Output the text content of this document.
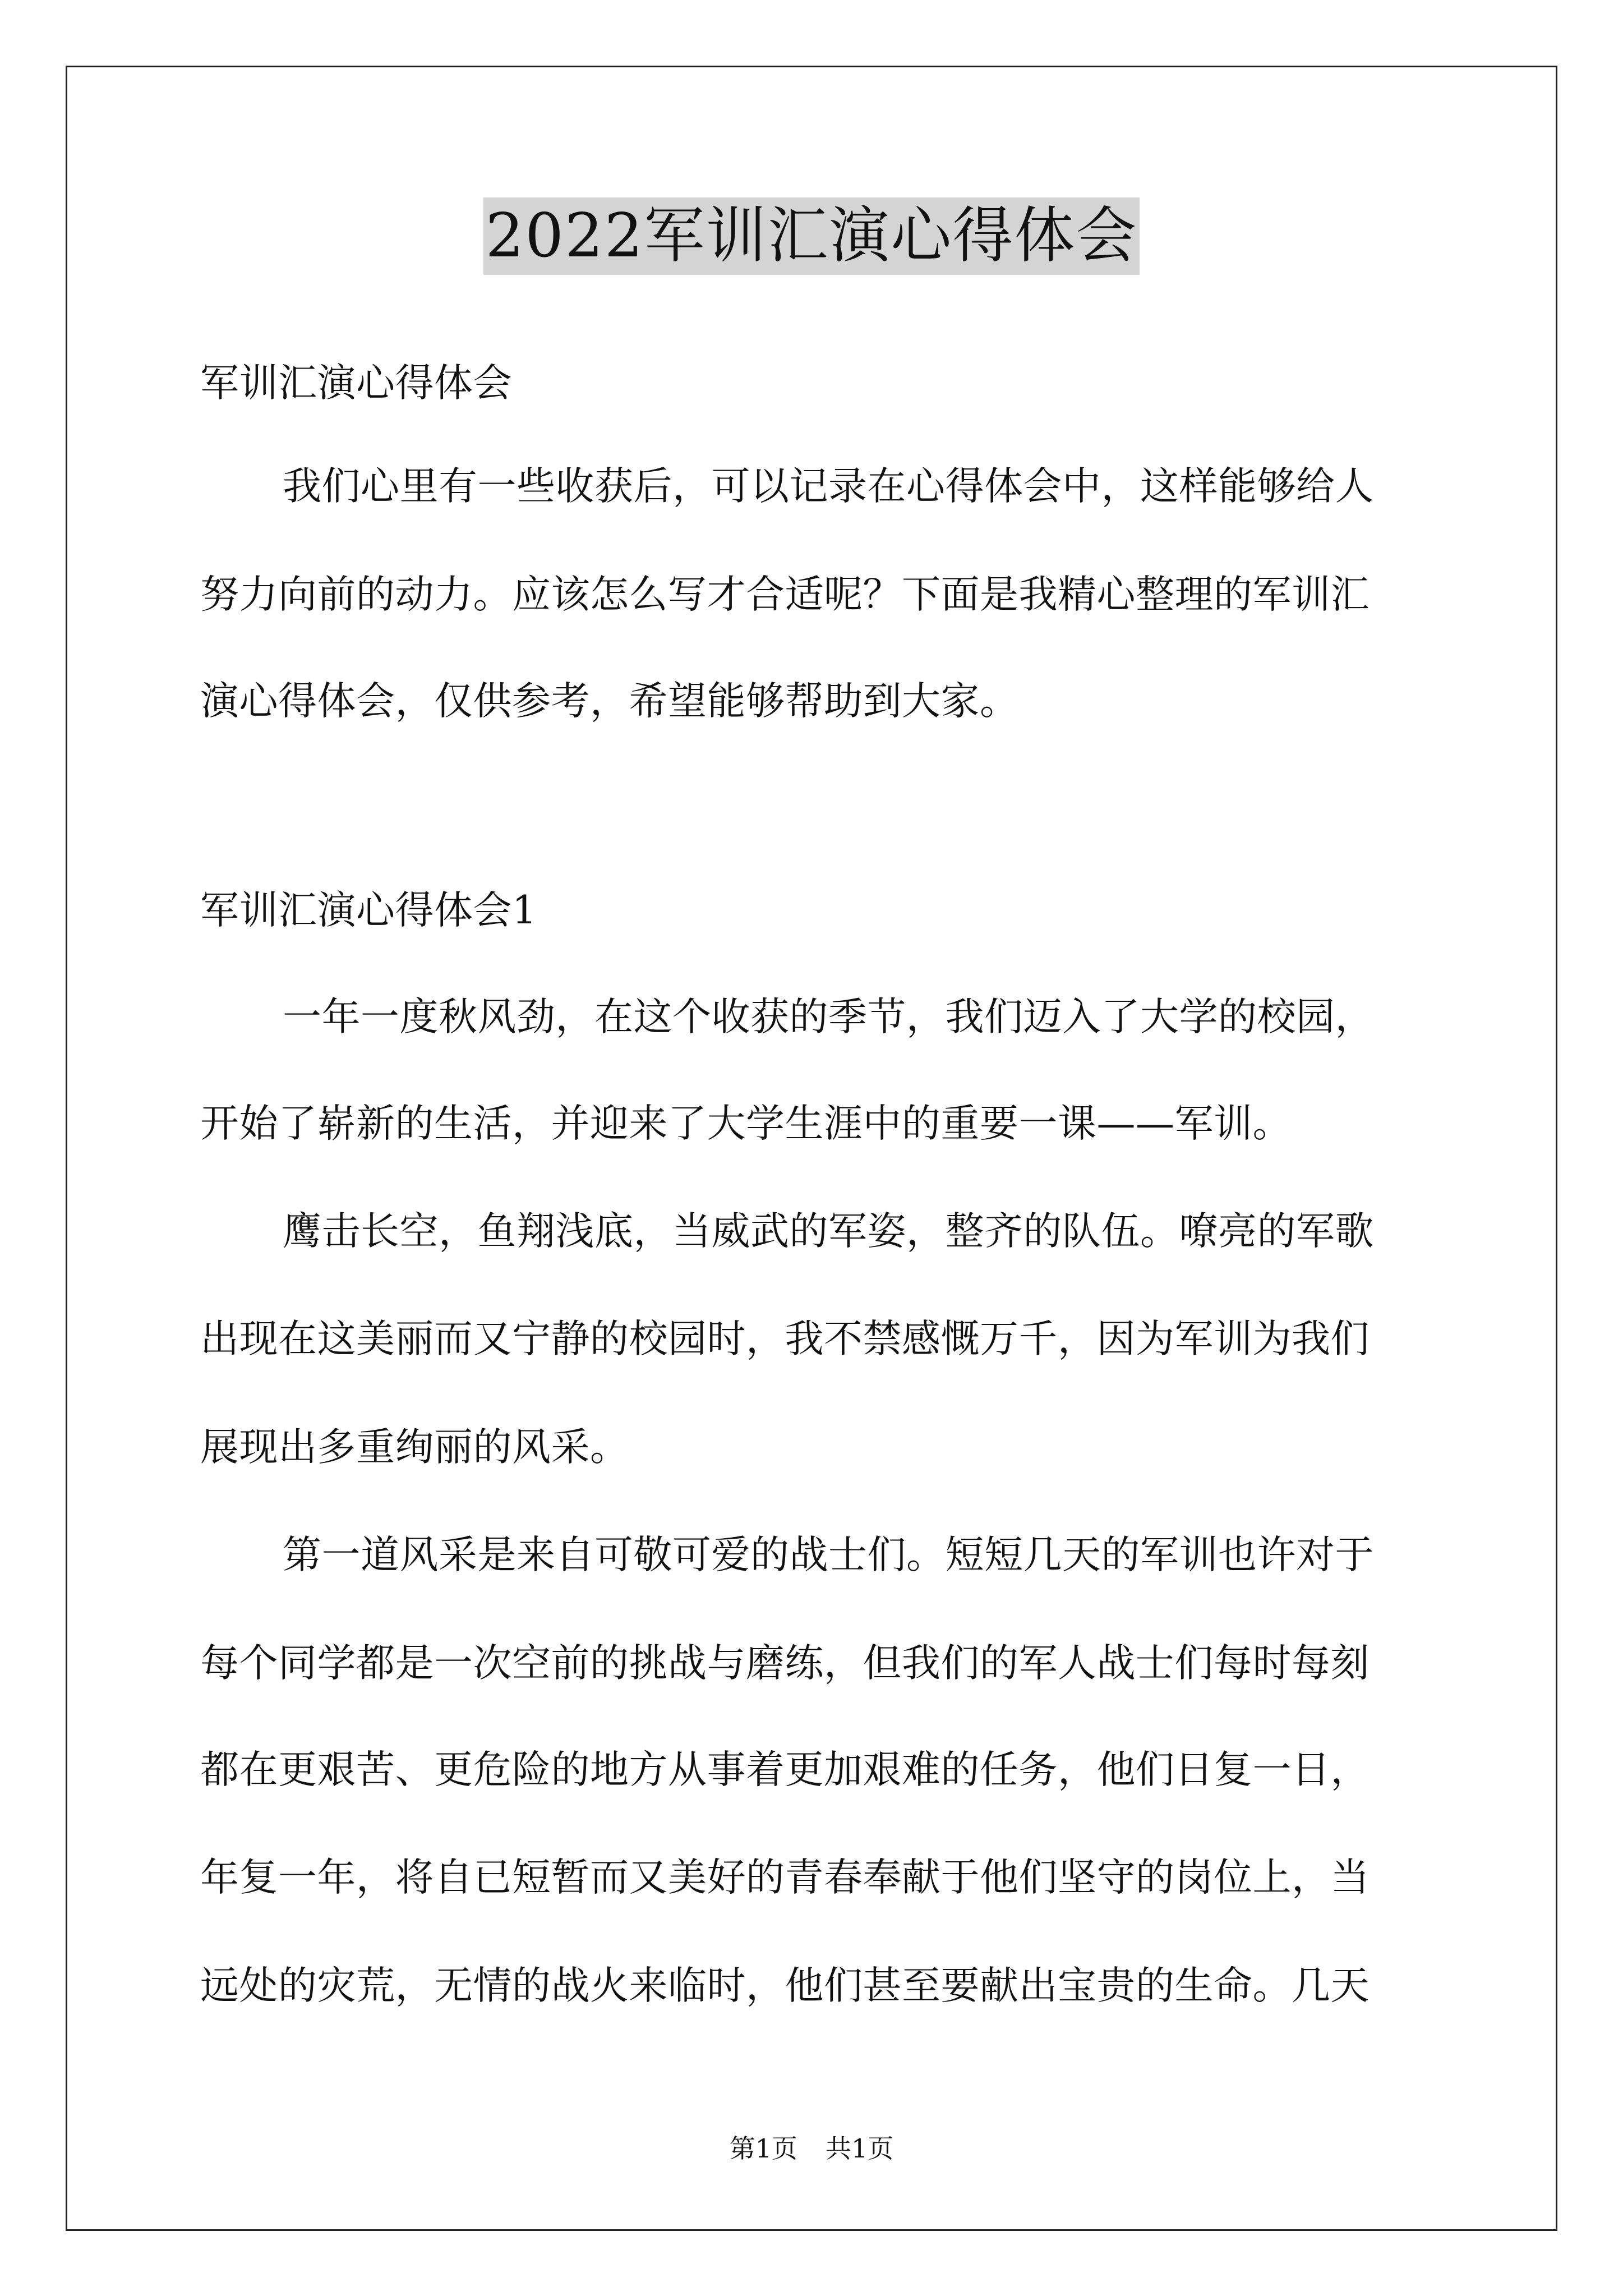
2022军训汇演心得体会
军训汇演心得体会
我们心里有一些收获后，可以记录在心得体会中，这样能够给人
努力向前的动力。应该怎么写才合适呢？下面是我精心整理的军训汇
演心得体会，仅供参考，希望能够帮助到大家。
军训汇演心得体会1
一年一度秋风劲，在这个收获的季节，我们迈入了大学的校园，
开始了崭新的生活，并迎来了大学生涯中的重要一课——军训。
鹰击长空，鱼翔浅底，当威武的军姿，整齐的队伍。嘹亮的军歌
出现在这美丽而又宁静的校园时，我不禁感慨万千，因为军训为我们
展现出多重绚丽的风采。
第一道风采是来自可敬可爱的战士们。短短几天的军训也许对于
每个同学都是一次空前的挑战与磨练，但我们的军人战士们每时每刻
都在更艰苦、更危险的地方从事着更加艰难的任务，他们日复一日，
年复一年，将自已短暂而又美好的青春奉献于他们坚守的岗位上，当
远处的灾荒，无情的战火来临时，他们甚至要献出宝贵的生命。几天
第1页 共1页
